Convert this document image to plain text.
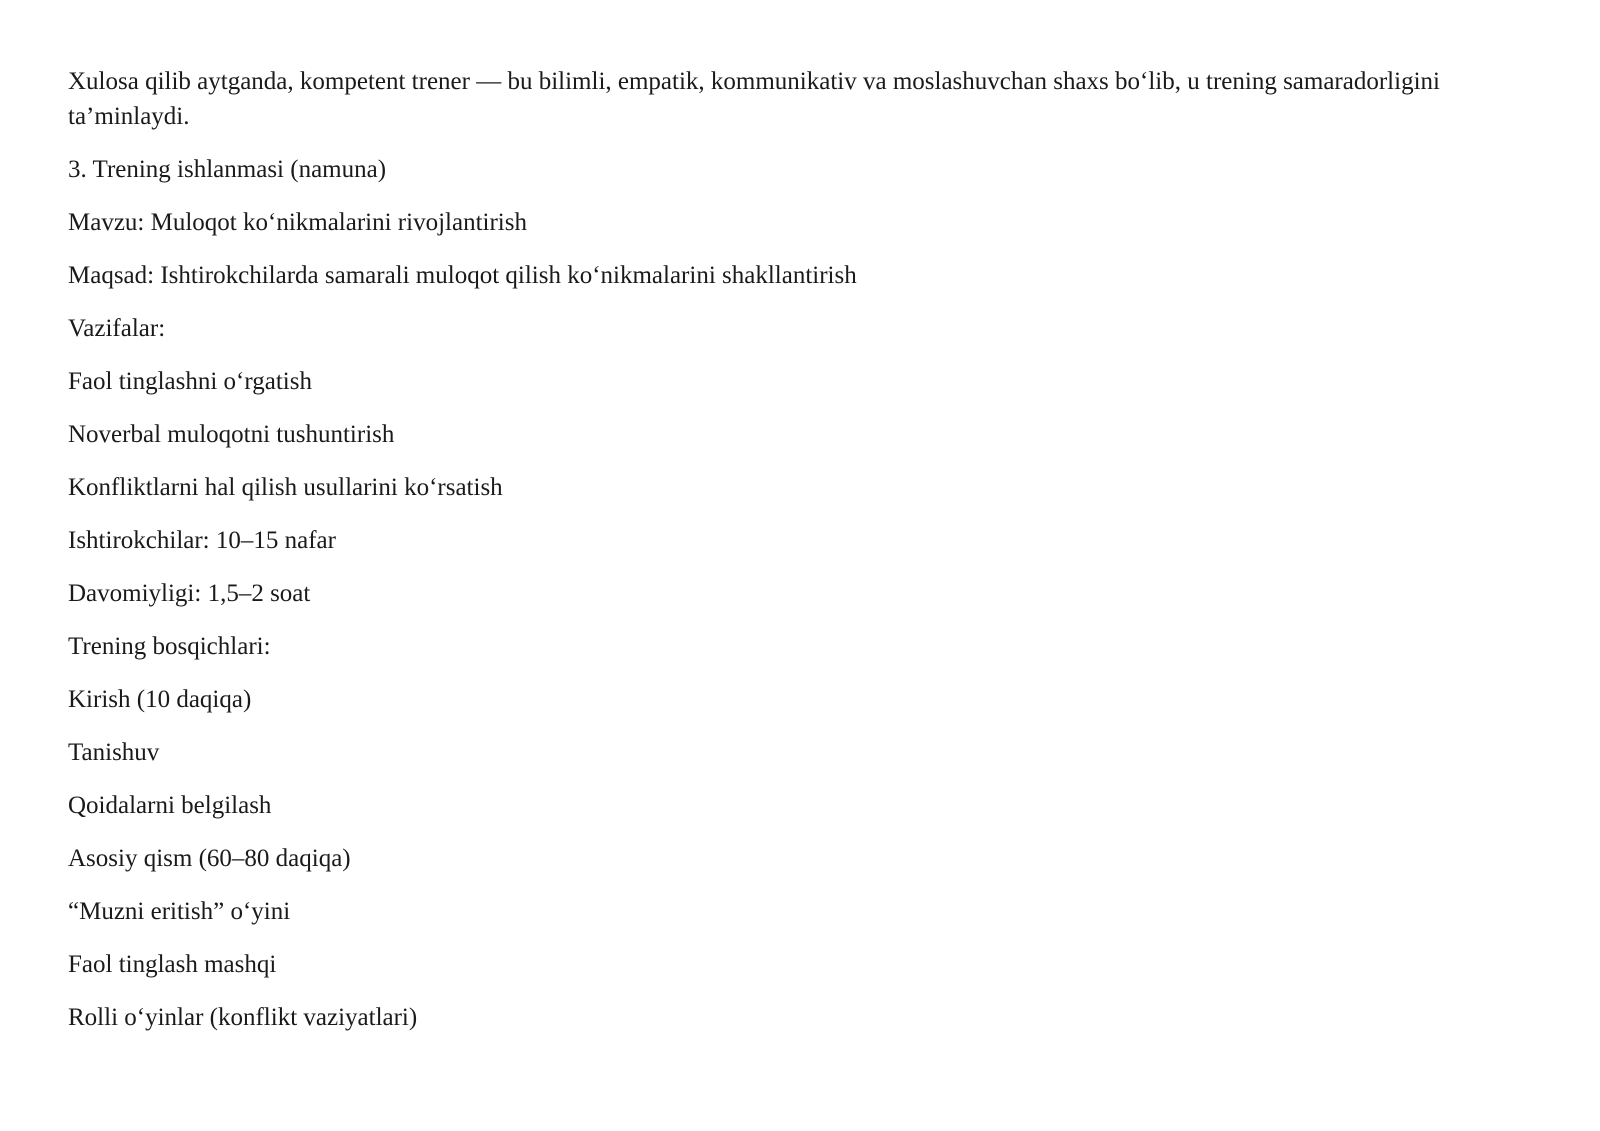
Xulosa qilib aytganda, kompetent trener — bu bilimli, empatik, kommunikativ va moslashuvchan shaxs bo‘lib, u trening samaradorligini ta’minlaydi.

3. Trening ishlanmasi (namuna)
Mavzu: Muloqot ko‘nikmalarini rivojlantirish
Maqsad: Ishtirokchilarda samarali muloqot qilish ko‘nikmalarini shakllantirish
Vazifalar:
Faol tinglashni o‘rgatish
Noverbal muloqotni tushuntirish
Konfliktlarni hal qilish usullarini ko‘rsatish
Ishtirokchilar: 10–15 nafar
Davomiyligi: 1,5–2 soat
Trening bosqichlari:
Kirish (10 daqiqa)
Tanishuv
Qoidalarni belgilash
Asosiy qism (60–80 daqiqa)
“Muzni eritish” o‘yini
Faol tinglash mashqi
Rolli o‘yinlar (konflikt vaziyatlari)
